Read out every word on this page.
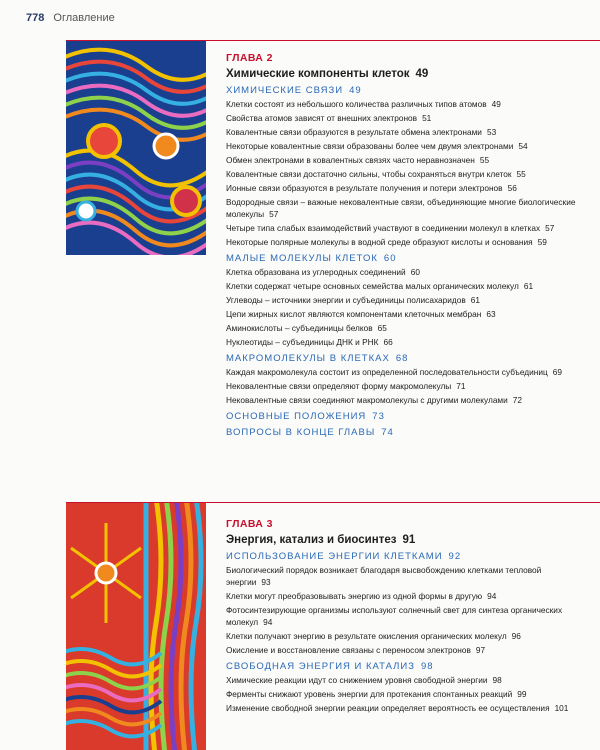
778 Оглавление
ГЛАВА 2
Химические компоненты клеток 49
ХИМИЧЕСКИЕ СВЯЗИ 49
Клетки состоят из небольшого количества различных типов атомов 49
Свойства атомов зависят от внешних электронов 51
Ковалентные связи образуются в результате обмена электронами 53
Некоторые ковалентные связи образованы более чем двумя электронами 54
Обмен электронами в ковалентных связях часто неравнозначен 55
Ковалентные связи достаточно сильны, чтобы сохраняться внутри клеток 55
Ионные связи образуются в результате получения и потери электронов 56
Водородные связи – важные нековалентные связи, объединяющие многие биологические молекулы 57
Четыре типа слабых взаимодействий участвуют в соединении молекул в клетках 57
Некоторые полярные молекулы в водной среде образуют кислоты и основания 59
МАЛЫЕ МОЛЕКУЛЫ КЛЕТОК 60
Клетка образована из углеродных соединений 60
Клетки содержат четыре основных семейства малых органических молекул 61
Углеводы – источники энергии и субъединицы полисахаридов 61
Цепи жирных кислот являются компонентами клеточных мембран 63
Аминокислоты – субъединицы белков 65
Нуклеотиды – субъединицы ДНК и РНК 66
МАКРОМОЛЕКУЛЫ В КЛЕТКАХ 68
Каждая макромолекула состоит из определенной последовательности субъединиц 69
Нековалентные связи определяют форму макромолекулы 71
Нековалентные связи соединяют макромолекулы с другими молекулами 72
ОСНОВНЫЕ ПОЛОЖЕНИЯ 73
ВОПРОСЫ В КОНЦЕ ГЛАВЫ 74
ГЛАВА 3
Энергия, катализ и биосинтез 91
ИСПОЛЬЗОВАНИЕ ЭНЕРГИИ КЛЕТКАМИ 92
Биологический порядок возникает благодаря высвобождению клетками тепловой энергии 93
Клетки могут преобразовывать энергию из одной формы в другую 94
Фотосинтезирующие организмы используют солнечный свет для синтеза органических молекул 94
Клетки получают энергию в результате окисления органических молекул 96
Окисление и восстановление связаны с переносом электронов 97
СВОБОДНАЯ ЭНЕРГИЯ И КАТАЛИЗ 98
Химические реакции идут со снижением уровня свободной энергии 98
Ферменты снижают уровень энергии для протекания спонтанных реакций 99
Изменение свободной энергии реакции определяет вероятность ее осуществления 101
